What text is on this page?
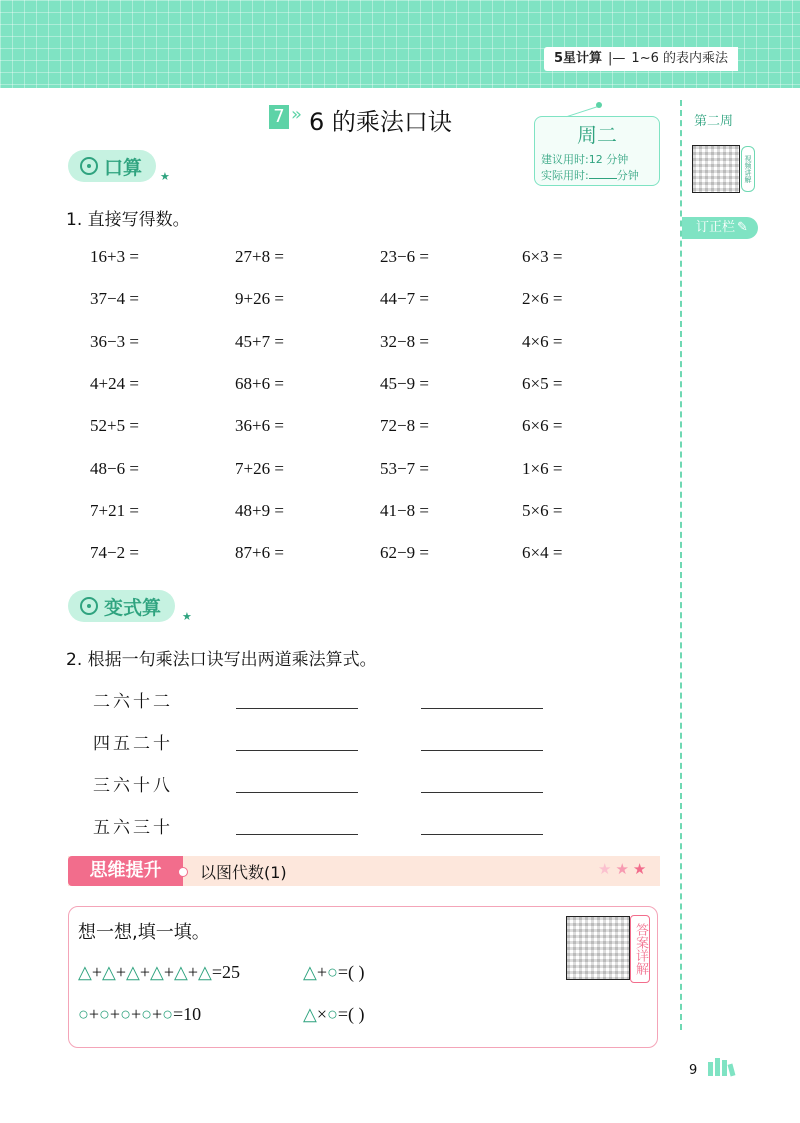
5星计算 |— 1~6 的表内乘法
第二周
视频讲解
订正栏 ✎
7 » 6 的乘法口诀	周二
建议用时:12 分钟
实际用时:	分钟
口算 ★
1. 直接写得数。
16+3 =	27+8 =	23−6 =	6×3 =
37−4 =	9+26 =	44−7 =	2×6 =
36−3 =	45+7 =	32−8 =	4×6 =
4+24 =	68+6 =	45−9 =	6×5 =
52+5 =	36+6 =	72−8 =	6×6 =
48−6 =	7+26 =	53−7 =	1×6 =
7+21 =	48+9 =	41−8 =	5×6 =
74−2 =	87+6 =	62−9 =	6×4 =
变式算 ★
2. 根据一句乘法口诀写出两道乘法算式。
二六十二
四五二十
三六十八
五六三十
思维提升	以图代数(1)	★★★
想一想,填一填。
△+△+△+△+△+△=25	△+○=( )
○+○+○+○+○=10	△×○=( )
答案详解
9
